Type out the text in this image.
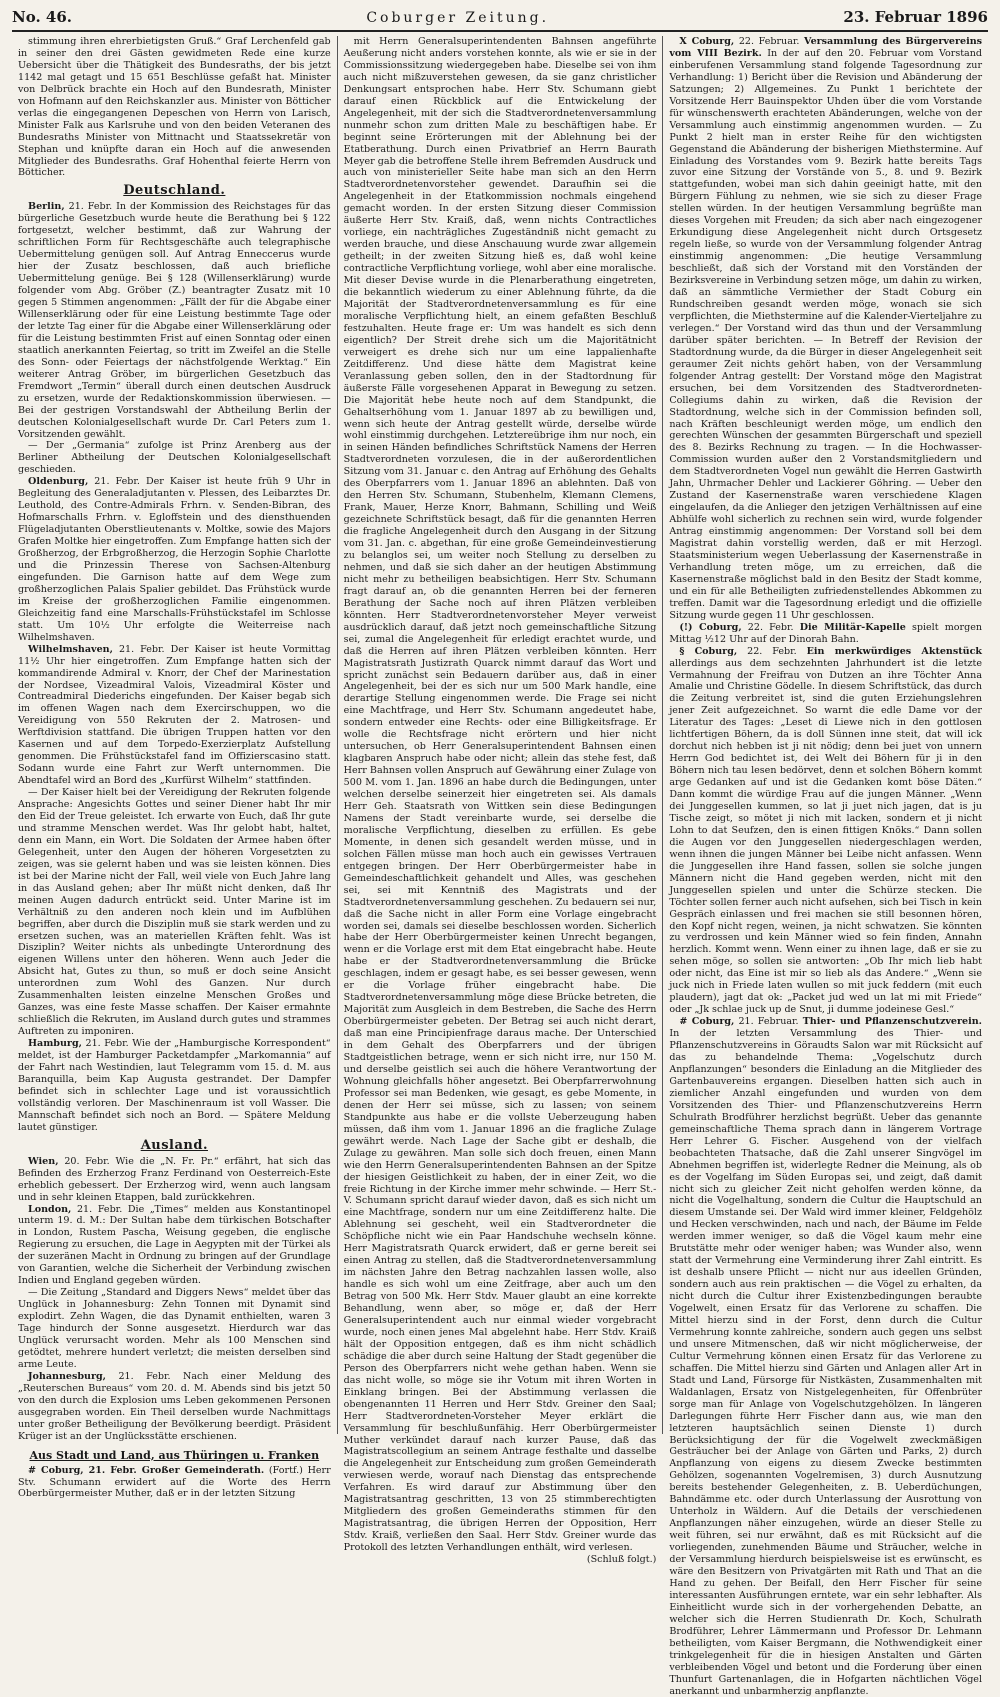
No. 46.	Coburger Zeitung.	23. Februar 1896

stimmung ihren ehrerbietigsten Gruß.“ Graf Lerchenfeld gab in seiner den drei Gästen gewidmeten Rede eine kurze Uebersicht über die Thätigkeit des Bundesraths, der bis jetzt 1142 mal getagt und 15 651 Beschlüsse gefaßt hat. Minister von Delbrück brachte ein Hoch auf den Bundesrath, Minister von Hofmann auf den Reichskanzler aus. Minister von Bötticher verlas die eingegangenen Depeschen von Herrn von Larisch, Minister Falk aus Karlsruhe und von den beiden Veteranen des Bundesraths Minister von Mittnacht und Staatssekretär von Stephan und knüpfte daran ein Hoch auf die anwesenden Mitglieder des Bundesraths. Graf Hohenthal feierte Herrn von Bötticher.

Deutschland.

Berlin, 21. Febr. In der Kommission des Reichstages für das bürgerliche Gesetzbuch wurde heute die Berathung bei § 122 fortgesetzt, welcher bestimmt, daß zur Wahrung der schriftlichen Form für Rechtsgeschäfte auch telegraphische Uebermittelung genügen soll. Auf Antrag Enneccerus wurde hier der Zusatz beschlossen, daß auch briefliche Uebermittelung genüge. Bei § 128 (Willenserklärung) wurde folgender vom Abg. Gröber (Z.) beantragter Zusatz mit 10 gegen 5 Stimmen angenommen: „Fällt der für die Abgabe einer Willenserklärung oder für eine Leistung bestimmte Tage oder der letzte Tag einer für die Abgabe einer Willenserklärung oder für die Leistung bestimmten Frist auf einen Sonntag oder einen staatlich anerkannten Feiertag, so tritt im Zweifel an die Stelle des Sonn- oder Feiertags der nächstfolgende Werktag.“ Ein weiterer Antrag Gröber, im bürgerlichen Gesetzbuch das Fremdwort „Termin“ überall durch einen deutschen Ausdruck zu ersetzen, wurde der Redaktionskommission überwiesen. — Bei der gestrigen Vorstandswahl der Abtheilung Berlin der deutschen Kolonialgesellschaft wurde Dr. Carl Peters zum 1. Vorsitzenden gewählt.

— Der „Germania“ zufolge ist Prinz Arenberg aus der Berliner Abtheilung der Deutschen Kolonialgesellschaft geschieden.

Oldenburg, 21. Febr. Der Kaiser ist heute früh 9 Uhr in Begleitung des Generaladjutanten v. Plessen, des Leibarztes Dr. Leuthold, des Contre-Admirals Frhrn. v. Senden-Bibran, des Hofmarschalls Frhrn. v. Egloffstein und des diensthuenden Flügeladjutanten Oberstlieutenants v. Moltke, sowie des Majors Grafen Moltke hier eingetroffen. Zum Empfange hatten sich der Großherzog, der Erbgroßherzog, die Herzogin Sophie Charlotte und die Prinzessin Therese von Sachsen-Altenburg eingefunden. Die Garnison hatte auf dem Wege zum großherzoglichen Palais Spalier gebildet. Das Frühstück wurde im Kreise der großherzoglichen Familie eingenommen. Gleichzeitig fand eine Marschalls-Frühstückstafel im Schlosse statt. Um 10½ Uhr erfolgte die Weiterreise nach Wilhelmshaven.

Wilhelmshaven, 21. Febr. Der Kaiser ist heute Vormittag 11½ Uhr hier eingetroffen. Zum Empfange hatten sich der kommandirende Admiral v. Knorr, der Chef der Marinestation der Nordsee, Vizeadmiral Valois, Vizeadmiral Köster und Contreadmiral Diederichs eingefunden. Der Kaiser begab sich im offenen Wagen nach dem Exercirschuppen, wo die Vereidigung von 550 Rekruten der 2. Matrosen- und Werftdivision stattfand. Die übrigen Truppen hatten vor den Kasernen und auf dem Torpedo-Exerzierplatz Aufstellung genommen. Die Frühstückstafel fand im Offizierscasino statt. Sodann wurde eine Fahrt zur Werft unternommen. Die Abendtafel wird an Bord des „Kurfürst Wilhelm“ stattfinden.

— Der Kaiser hielt bei der Vereidigung der Rekruten folgende Ansprache: Angesichts Gottes und seiner Diener habt Ihr mir den Eid der Treue geleistet. Ich erwarte von Euch, daß Ihr gute und stramme Menschen werdet. Was Ihr gelobt habt, haltet, denn ein Mann, ein Wort. Die Soldaten der Armee haben öfter Gelegenheit, unter den Augen der höheren Vorgesetzten zu zeigen, was sie gelernt haben und was sie leisten können. Dies ist bei der Marine nicht der Fall, weil viele von Euch Jahre lang in das Ausland gehen; aber Ihr müßt nicht denken, daß Ihr meinen Augen dadurch entrückt seid. Unter Marine ist im Verhältniß zu den anderen noch klein und im Aufblühen begriffen, aber durch die Disziplin muß sie stark werden und zu ersetzen suchen, was an materiellen Kräften fehlt. Was ist Disziplin? Weiter nichts als unbedingte Unterordnung des eigenen Willens unter den höheren. Wenn auch Jeder die Absicht hat, Gutes zu thun, so muß er doch seine Ansicht unterordnen zum Wohl des Ganzen. Nur durch Zusammenhalten leisten einzelne Menschen Großes und Ganzes, was eine feste Masse schaffen. Der Kaiser ermahnte schließlich die Rekruten, im Ausland durch gutes und strammes Auftreten zu imponiren.

Hamburg, 21. Febr. Wie der „Hamburgische Korrespondent“ meldet, ist der Hamburger Packetdampfer „Markomannia“ auf der Fahrt nach Westindien, laut Telegramm vom 15. d. M. aus Baranquilla, beim Kap Augusta gestrandet. Der Dampfer befindet sich in schlechter Lage und ist voraussichtlich vollständig verloren. Der Maschinenraum ist voll Wasser. Die Mannschaft befindet sich noch an Bord. — Spätere Meldung lautet günstiger.

Ausland.

Wien, 20. Febr. Wie die „N. Fr. Pr.“ erfährt, hat sich das Befinden des Erzherzog Franz Ferdinand von Oesterreich-Este erheblich gebessert. Der Erzherzog wird, wenn auch langsam und in sehr kleinen Etappen, bald zurückkehren.

London, 21. Febr. Die „Times“ melden aus Konstantinopel unterm 19. d. M.: Der Sultan habe dem türkischen Botschafter in London, Rustem Pascha, Weisung gegeben, die englische Regierung zu ersuchen, die Lage in Aegypten mit der Türkei als der suzeränen Macht in Ordnung zu bringen auf der Grundlage von Garantien, welche die Sicherheit der Verbindung zwischen Indien und England gegeben würden.

— Die Zeitung „Standard and Diggers News“ meldet über das Unglück in Johannesburg: Zehn Tonnen mit Dynamit sind explodirt. Zehn Wagen, die das Dynamit enthielten, waren 3 Tage hindurch der Sonne ausgesetzt. Hierdurch war das Unglück verursacht worden. Mehr als 100 Menschen sind getödtet, mehrere hundert verletzt; die meisten derselben sind arme Leute.

Johannesburg, 21. Febr. Nach einer Meldung des „Reuterschen Bureaus“ vom 20. d. M. Abends sind bis jetzt 50 von den durch die Explosion ums Leben gekommenen Personen ausgegraben worden. Ein Theil derselben wurde Nachmittags unter großer Betheiligung der Bevölkerung beerdigt. Präsident Krüger ist an der Unglücksstätte erschienen.

Aus Stadt und Land, aus Thüringen u. Franken

# Coburg, 21. Febr. Großer Gemeinderath. (Fortf.) Herr Stv. Schumann erwidert auf die Worte des Herrn Oberbürgermeister Muther, daß er in der letzten Sitzung

mit Herrn Generalsuperintendenten Bahnsen angeführte Aeußerung nicht anders vorstehen konnte, als wie er sie in der Commissionssitzung wiedergegeben habe. Dieselbe sei von ihm auch nicht mißzuverstehen gewesen, da sie ganz christlicher Denkungsart entsprochen habe. Herr Stv. Schumann giebt darauf einen Rückblick auf die Entwickelung der Angelegenheit, mit der sich die Stadtverordnetenversammlung nunmehr schon zum dritten Male zu beschäftigen habe. Er beginnt seine Erörterungen mit der Ablehnung bei der Etatberathung. Durch einen Privatbrief an Herrn Baurath Meyer gab die betroffene Stelle ihrem Befremden Ausdruck und auch von ministerieller Seite habe man sich an den Herrn Stadtverordnetenvorsteher gewendet. Daraufhin sei die Angelegenheit in der Etatkommission nochmals eingehend gemacht worden. In der ersten Sitzung dieser Commission äußerte Herr Stv. Kraiß, daß, wenn nichts Contractliches vorliege, ein nachträgliches Zugeständniß nicht gemacht zu werden brauche, und diese Anschauung wurde zwar allgemein getheilt; in der zweiten Sitzung hieß es, daß wohl keine contractliche Verpflichtung vorliege, wohl aber eine moralische. Mit dieser Devise wurde in die Plenarberathung eingetreten, die bekanntlich wiederum zu einer Ablehnung führte, da die Majorität der Stadtverordnetenversammlung es für eine moralische Verpflichtung hielt, an einem gefaßten Beschluß festzuhalten. Heute frage er: Um was handelt es sich denn eigentlich? Der Streit drehe sich um die Majoritätnicht verweigert es drehe sich nur um eine lappalienhafte Zeitdifferenz. Und diese hätte dem Magistrat keine Veranlassung geben sollen, den in der Stadtordnung für äußerste Fälle vorgesehenen Apparat in Bewegung zu setzen. Die Majorität hebe heute noch auf dem Standpunkt, die Gehaltserhöhung vom 1. Januar 1897 ab zu bewilligen und, wenn sich heute der Antrag gestellt würde, derselbe würde wohl einstimmig durchgehen. Letztereübrige ihm nur noch, ein in seinen Händen befindliches Schriftstück Namens der Herren Stadtverordneten vorzulesen, die in der außerordentlichen Sitzung vom 31. Januar c. den Antrag auf Erhöhung des Gehalts des Oberpfarrers vom 1. Januar 1896 an ablehnten. Daß von den Herren Stv. Schumann, Stubenhelm, Klemann Clemens, Frank, Mauer, Herze Knorr, Bahmann, Schilling und Weiß gezeichnete Schriftstück besagt, daß für die genannten Herren die fragliche Angelegenheit durch den Ausgang in der Sitzung vom 31. Jan. c. abgethan, für eine große Gemeindeinvestierung zu belanglos sei, um weiter noch Stellung zu derselben zu nehmen, und daß sie sich daher an der heutigen Abstimmung nicht mehr zu betheiligen beabsichtigen. Herr Stv. Schumann fragt darauf an, ob die genannten Herren bei der ferneren Berathung der Sache noch auf ihren Plätzen verbleiben könnten. Herr Stadtverordnetenvorsteher Meyer verweist ausdrücklich darauf, daß jetzt noch gemeinschaftliche Sitzung sei, zumal die Angelegenheit für erledigt erachtet wurde, und daß die Herren auf ihren Plätzen verbleiben könnten. Herr Magistratsrath Justizrath Quarck nimmt darauf das Wort und spricht zunächst sein Bedauern darüber aus, daß in einer Angelegenheit, bei der es sich nur um 500 Mark handle, eine derartige Stellung eingenommen werde. Die Frage sei nicht eine Machtfrage, und Herr Stv. Schumann angedeutet habe, sondern entweder eine Rechts- oder eine Billigkeitsfrage. Er wolle die Rechtsfrage nicht erörtern und hier nicht untersuchen, ob Herr Generalsuperintendent Bahnsen einen klagbaren Anspruch habe oder nicht; allein das stehe fest, daß Herr Bahnsen vollen Anspruch auf Gewährung einer Zulage von 500 M. vom 1. Jan. 1896 an habe durch die Bedingungen, unter welchen derselbe seinerzeit hier eingetreten sei. Als damals Herr Geh. Staatsrath von Wittken sein diese Bedingungen Namens der Stadt vereinbarte wurde, sei derselbe die moralische Verpflichtung, dieselben zu erfüllen. Es gebe Momente, in denen sich gesandelt werden müsse, und in solchen Fällen müsse man hoch auch ein gewisses Vertrauen entgegen bringen. Der Herr Oberbürgermeister habe in Gemeindeschaftlichkeit gehandelt und Alles, was geschehen sei, sei mit Kenntniß des Magistrats und der Stadtverordnetenversammlung geschehen. Zu bedauern sei nur, daß die Sache nicht in aller Form eine Vorlage eingebracht worden sei, damals sei dieselbe beschlossen worden. Sicherlich habe der Herr Oberbürgermeister keinen Unrecht begangen, wenn er die Vorlage erst mit dem Etat eingebracht habe. Heute habe er der Stadtverordnetenversammlung die Brücke geschlagen, indem er gesagt habe, es sei besser gewesen, wenn er die Vorlage früher eingebracht habe. Die Stadtverordnetenversammlung möge diese Brücke betreten, die Majorität zum Ausgleich in dem Bestreben, die Sache des Herrn Oberbürgermeister gebeten. Der Betrag sei auch nicht derart, daß man eine Principienfrage daraus mache. Der Unterschied in dem Gehalt des Oberpfarrers und der übrigen Stadtgeistlichen betrage, wenn er sich nicht irre, nur 150 M. und derselbe geistlich sei auch die höhere Verantwortung der Wohnung gleichfalls höher angesetzt. Bei Oberpfarrerwohnung Professor sei man Bedenken, wie gesagt, es gebe Momente, in denen der Herr sei müsse, sich zu lassen; von seinem Standpunkte aus habe er die vollste Ueberzeugung haben müssen, daß ihm vom 1. Januar 1896 an die fragliche Zulage gewährt werde. Nach Lage der Sache gibt er deshalb, die Zulage zu gewähren. Man solle sich doch freuen, einen Mann wie den Herrn Generalsuperintendenten Bahnsen an der Spitze der hiesigen Geistlichkeit zu haben, der in einer Zeit, wo die freie Richtung in der Kirche immer mehr schwinde. — Herr St.-V. Schumann spricht darauf wieder davon, daß es sich nicht um eine Machtfrage, sondern nur um eine Zeitdifferenz halte. Die Ablehnung sei gescheht, weil ein Stadtverordneter die Schöpfliche nicht wie ein Paar Handschuhe wechseln könne. Herr Magistratsrath Quarck erwidert, daß er gerne bereit sei einen Antrag zu stellen, daß die Stadtverordnetenversammlung im nächsten Jahre den Betrag nachzahlen lassen wolle, also handle es sich wohl um eine Zeitfrage, aber auch um den Betrag von 500 Mk. Herr Stdv. Mauer glaubt an eine korrekte Behandlung, wenn aber, so möge er, daß der Herr Generalsuperintendent auch nur einmal wieder vorgebracht wurde, noch einen jenes Mal abgelehnt habe. Herr Stdv. Kraiß hält der Opposition entgegen, daß es ihm nicht schädlich schädige die aber durch seine Haltung der Stadt gegenüber die Person des Oberpfarrers nicht wehe gethan haben. Wenn sie das nicht wolle, so möge sie ihr Votum mit ihren Worten in Einklang bringen. Bei der Abstimmung verlassen die obengenannten 11 Herren und Herr Stdv. Greiner den Saal; Herr Stadtverordneten-Vorsteher Meyer erklärt die Versammlung für beschlußunfähig. Herr Oberbürgermeister Muther verkündet darauf nach kurzer Pause, daß das Magistratscollegium an seinem Antrage festhalte und dasselbe die Angelegenheit zur Entscheidung zum großen Gemeinderath verwiesen werde, worauf nach Dienstag das entsprechende Verfahren. Es wird darauf zur Abstimmung über den Magistratsantrag geschritten, 13 von 25 stimmberechtigten Mitgliedern des großen Gemeinderaths stimmen für den Magistratsantrag, die übrigen Herren der Opposition, Herr Stdv. Kraiß, verließen den Saal. Herr Stdv. Greiner wurde das Protokoll des letzten Verhandlungen enthält, wird verlesen.

(Schluß folgt.)

X Coburg, 22. Februar. Versammlung des Bürgervereins vom VIII Bezirk. In der auf den 20. Februar vom Vorstand einberufenen Versammlung stand folgende Tagesordnung zur Verhandlung: 1) Bericht über die Revision und Abänderung der Satzungen; 2) Allgemeines. Zu Punkt 1 berichtete der Vorsitzende Herr Bauinspektor Uhden über die vom Vorstande für wünschenswerth erachteten Abänderungen, welche von der Versammlung auch einstimmig angenommen wurden. — Zu Punkt 2 hielt man in erster Reihe für den wichtigsten Gegenstand die Abänderung der bisherigen Miethstermine. Auf Einladung des Vorstandes vom 9. Bezirk hatte bereits Tags zuvor eine Sitzung der Vorstände von 5., 8. und 9. Bezirk stattgefunden, wobei man sich dahin geeinigt hatte, mit den Bürgern Fühlung zu nehmen, wie sie sich zu dieser Frage stellen würden. In der heutigen Versammlung begrüßte man dieses Vorgehen mit Freuden; da sich aber nach eingezogener Erkundigung diese Angelegenheit nicht durch Ortsgesetz regeln ließe, so wurde von der Versammlung folgender Antrag einstimmig angenommen: „Die heutige Versammlung beschließt, daß sich der Vorstand mit den Vorständen der Bezirksvereine in Verbindung setzen möge, um dahin zu wirken, daß an sämmtliche Vermiether der Stadt Coburg ein Rundschreiben gesandt werden möge, wonach sie sich verpflichten, die Miethstermine auf die Kalender-Vierteljahre zu verlegen.“ Der Vorstand wird das thun und der Versammlung darüber später berichten. — In Betreff der Revision der Stadtordnung wurde, da die Bürger in dieser Angelegenheit seit geraumer Zeit nichts gehört haben, von der Versammlung folgender Antrag gestellt: Der Vorstand möge den Magistrat ersuchen, bei dem Vorsitzenden des Stadtverordneten-Collegiums dahin zu wirken, daß die Revision der Stadtordnung, welche sich in der Commission befinden soll, nach Kräften beschleunigt werden möge, um endlich den gerechten Wünschen der gesammten Bürgerschaft und speziell des 8. Bezirks Rechnung zu tragen. — In die Hochwasser-Commission wurden außer den 2 Vorstandsmitgliedern und dem Stadtverordneten Vogel nun gewählt die Herren Gastwirth Jahn, Uhrmacher Dehler und Lackierer Göhring. — Ueber den Zustand der Kasernenstraße waren verschiedene Klagen eingelaufen, da die Anlieger den jetzigen Verhältnissen auf eine Abhülfe wohl sicherlich zu rechnen sein wird, wurde folgender Antrag einstimmig angenommen: Der Vorstand soll bei dem Magistrat dahin vorstellig werden, daß er mit Herzogl. Staatsministerium wegen Ueberlassung der Kasernenstraße in Verhandlung treten möge, um zu erreichen, daß die Kasernenstraße möglichst bald in den Besitz der Stadt komme, und ein für alle Betheiligten zufriedenstellendes Abkommen zu treffen. Damit war die Tagesordnung erledigt und die offizielle Sitzung wurde gegen 11 Uhr geschlossen.

(!) Coburg, 22. Febr. Die Militär-Kapelle spielt morgen Mittag ½12 Uhr auf der Dinorah Bahn.

§ Coburg, 22. Febr. Ein merkwürdiges Aktenstück allerdings aus dem sechzehnten Jahrhundert ist die letzte Vermahnung der Freifrau von Dutzen an ihre Töchter Anna Amalie und Christine Gödelle. In diesem Schriftstück, das durch die Zeitung verbreitet ist, sind die guten Erziehungslehren jener Zeit aufgezeichnet. So warnt die edle Dame vor der Literatur des Tages: „Leset di Liewe nich in den gottlosen lichtfertigen Böhern, da is doll Sünnen inne steit, dat will ick dorchut nich hebben ist ji nit nödig; denn bei juet von unnern Herrn God bedichtet ist, dei Welt dei Böhern für ji in den Böhern nich tau lesen bedörvet, denn et solchen Böhern kommt arge Gedanken auf und ist die Gedanken komt böse Däten.“ Dann kommt die würdige Frau auf die jungen Männer. „Wenn dei Junggesellen kummen, so lat ji juet nich jagen, dat is ju Tische zeigt, so mötet ji nich mit lacken, sondern et ji nicht Lohn to dat Seufzen, den is einen fittigen Knöks.“ Dann sollen die Augen vor den Junggesellen niedergeschlagen werden, wenn ihnen die jungen Männer bei Leibe nicht anfassen. Wenn die Junggesellen ihre Hand fassen, sollen sie solche jungen Männern nicht die Hand gegeben werden, nicht mit den Junggesellen spielen und unter die Schürze stecken. Die Töchter sollen ferner auch nicht aufsehen, sich bei Tisch in kein Gespräch einlassen und frei machen sie still besonnen hören, den Kopf nicht regen, weinen, ja nicht schwatzen. Sie könnten zu verdrossen und kein Männer wied so fein finden, Annahn herzlich. Kommt wenn. Wenn einer zu ihnen lage, daß er sie zu sehen möge, so sollen sie antworten: „Ob Ihr mich lieb habt oder nicht, das Eine ist mir so lieb als das Andere.“ „Wenn sie juck nich in Friede laten wullen so mit juck feddern (mit euch plaudern), jagt dat ok: „Packet jud wed un lat mi mit Friede“ oder „Jk schlae juck up de Snut, ji dumme jodeinese Gesl.“

# Coburg, 21. Februar. Thier- und Pflanzenschutzverein. In der letzten Versammlung des Thier- und Pflanzenschutzvereins in Göraudts Salon war mit Rücksicht auf das zu behandelnde Thema: „Vogelschutz durch Anpflanzungen“ besonders die Einladung an die Mitglieder des Gartenbauvereins ergangen. Dieselben hatten sich auch in ziemlicher Anzahl eingefunden und wurden von dem Vorsitzenden des Thier- und Pflanzenschutzvereins Herrn Schulrath Brodführer herzlichst begrüßt. Ueber das genannte gemeinschaftliche Thema sprach dann in längerem Vortrage Herr Lehrer G. Fischer. Ausgehend von der vielfach beobachteten Thatsache, daß die Zahl unserer Singvögel im Abnehmen begriffen ist, widerlegte Redner die Meinung, als ob es der Vogelfang im Süden Europas sei, und zeigt, daß damit nicht sich zu gleicher Zeit nicht geholfen werden könne, da nicht die Vogelhaltung, sondern die Cultur die Hauptschuld an diesem Umstande sei. Der Wald wird immer kleiner, Feldgehölz und Hecken verschwinden, nach und nach, der Bäume im Felde werden immer weniger, so daß die Vögel kaum mehr eine Brutstätte mehr oder weniger haben; was Wunder also, wenn statt der Vermehrung eine Verminderung ihrer Zahl eintritt. Es ist deshalb unsere Pflicht — nicht nur aus ideellen Gründen, sondern auch aus rein praktischen — die Vögel zu erhalten, da nicht durch die Cultur ihrer Existenzbedingungen beraubte Vogelwelt, einen Ersatz für das Verlorene zu schaffen. Die Mittel hierzu sind in der Forst, denn durch die Cultur Vermehrung konnte zahlreiche, sondern auch gegen uns selbst und unsere Mitmenschen, daß wir nicht möglicherweise, der Cultur Vermehrung können einen Ersatz für das Verlorene zu schaffen. Die Mittel hierzu sind Gärten und Anlagen aller Art in Stadt und Land, Fürsorge für Nistkästen, Zusammenhalten mit Waldanlagen, Ersatz von Nistgelegenheiten, für Offenbrüter sorge man für Anlage von Vogelschutzgehölzen. In längeren Darlegungen führte Herr Fischer dann aus, wie man den letzteren hauptsächlich seinen Dienste 1) durch Berücksichtigung der für die Vogelwelt zweckmäßigen Gesträucher bei der Anlage von Gärten und Parks, 2) durch Anpflanzung von eigens zu diesem Zwecke bestimmten Gehölzen, sogenannten Vogelremisen, 3) durch Ausnutzung bereits bestehender Gelegenheiten, z. B. Ueberdüchungen, Bahndämme etc. oder durch Unterlassung der Ausrottung von Unterholz in Wäldern. Auf die Details der verschiedenen Anpflanzungen näher einzugehen, würde an dieser Stelle zu weit führen, sei nur erwähnt, daß es mit Rücksicht auf die vorliegenden, zunehmenden Bäume und Sträucher, welche in der Versammlung hierdurch beispielsweise ist es erwünscht, es wäre den Besitzern von Privatgärten mit Rath und That an die Hand zu gehen. Der Beifall, den Herr Fischer für seine interessanten Ausführungen erntete, war ein sehr lebhafter. Als Einheitlicht wurde sich in der vorhergehenden Debatte, an welcher sich die Herren Studienrath Dr. Koch, Schulrath Brodführer, Lehrer Lämmermann und Professor Dr. Lehmann betheiligten, vom Kaiser Bergmann, die Nothwendigkeit einer trinkgelegenheit für die in hiesigen Anstalten und Gärten verbleibenden Vögel und betont und die Forderung über einen Thunfurt Gartenanlagen, die in Hofgarten nächtlichen Vögel anerkannt und unbarmherzig anpflanzte.
